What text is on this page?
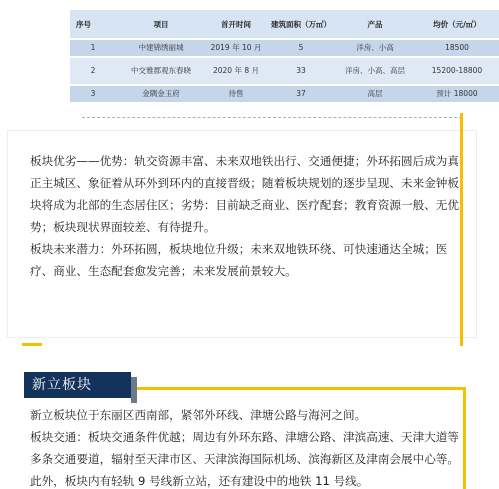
序号	项目	首开时间	建筑面积（万㎡）	产品	均价（元/㎡）
1	中建锦绣丽城	2019 年 10 月	5	洋房、小高	18500
2	中交雅郡观东春晓	2020 年 8 月	33	洋房、小高、高层	15200-18800
3	金隅金玉府	待售	37	高层	预计 18000

板块优劣——优势：轨交资源丰富、未来双地铁出行、交通便捷；外环拓圆后成为真正主城区、象征着从环外到环内的直接晋级；随着板块规划的逐步呈现、未来金钟板块将成为北部的生态居住区；劣势：目前缺乏商业、医疗配套；教育资源一般、无优势；板块现状界面较差、有待提升。

板块未来潜力：外环拓圆，板块地位升级；未来双地铁环绕、可快速通达全城；医疗、商业、生态配套愈发完善；未来发展前景较大。

新立板块

新立板块位于东丽区西南部，紧邻外环线、津塘公路与海河之间。

板块交通：板块交通条件优越；周边有外环东路、津塘公路、津滨高速、天津大道等多条交通要道，辐射至天津市区、天津滨海国际机场、滨海新区及津南会展中心等。此外，板块内有轻轨 9 号线新立站，还有建设中的地铁 11 号线。
